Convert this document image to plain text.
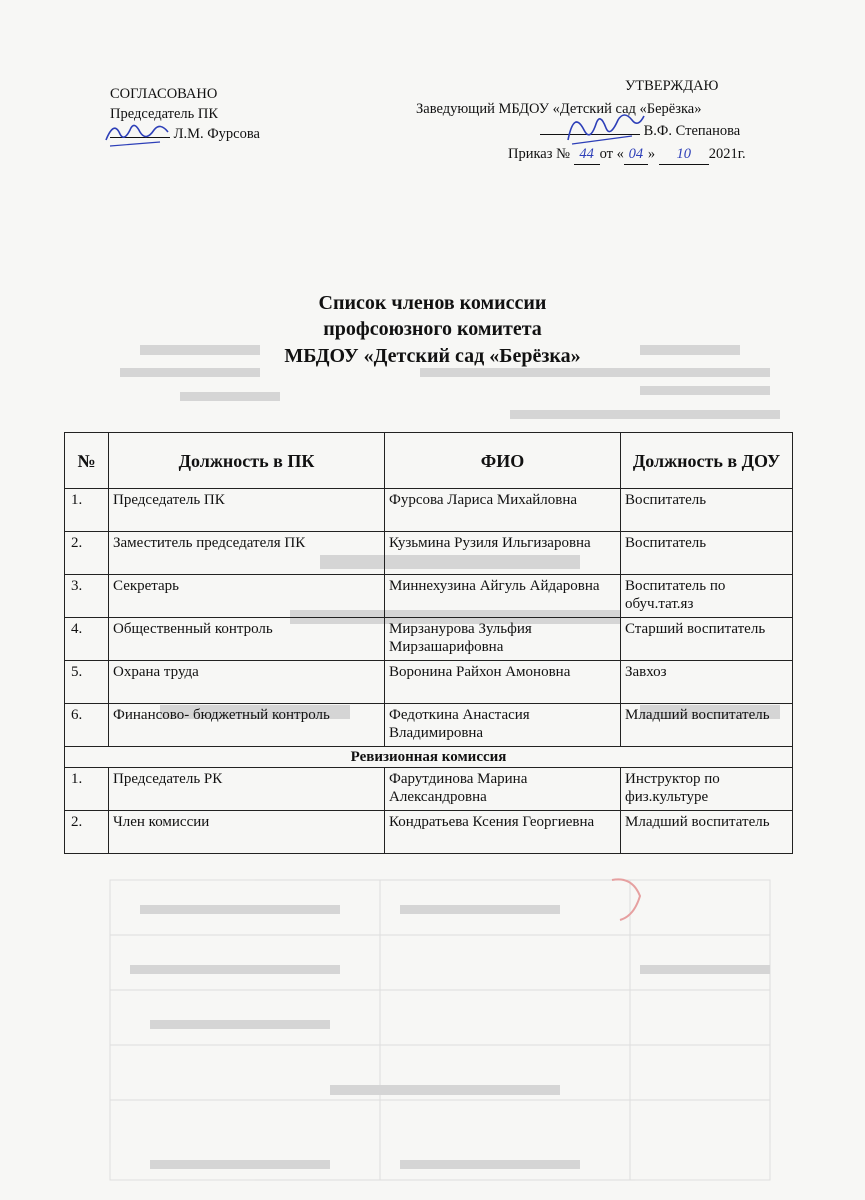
СОГЛАСОВАНО
Председатель ПК
Л.М. Фурсова
УТВЕРЖДАЮ
Заведующий МБДОУ «Детский сад «Берёзка»
В.Ф. Степанова
Приказ № 44 от « 04 » 10 2021г.
Список членов комиссии
профсоюзного комитета
МБДОУ «Детский сад «Берёзка»
№	Должность в ПК	ФИО	Должность в ДОУ
1.	Председатель ПК	Фурсова Лариса Михайловна	Воспитатель
2.	Заместитель председателя ПК	Кузьмина Рузиля Ильгизаровна	Воспитатель
3.	Секретарь	Миннехузина Айгуль Айдаровна	Воспитатель по обуч.тат.яз
4.	Общественный контроль	Мирзанурова Зульфия Мирзашарифовна	Старший воспитатель
5.	Охрана труда	Воронина Райхон Амоновна	Завхоз
6.	Финансово- бюджетный контроль	Федоткина Анастасия Владимировна	Младший воспитатель
Ревизионная комиссия			
1.	Председатель РК	Фарутдинова Марина Александровна	Инструктор по физ.культуре
2.	Член комиссии	Кондратьева Ксения Георгиевна	Младший воспитатель
